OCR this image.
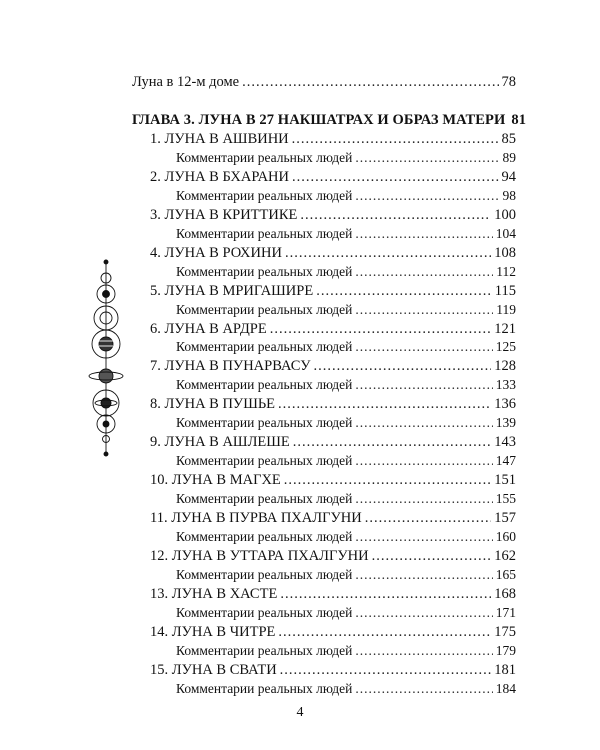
Луна в 12-м доме .....	78
ГЛАВА 3. ЛУНА В 27 НАКШАТРАХ И ОБРАЗ МАТЕРИ 81
1. ЛУНА В АШВИНИ .....	85
Комментарии реальных людей .....	89
2. ЛУНА В БХАРАНИ .....	94
Комментарии реальных людей .....	98
3. ЛУНА В КРИТТИКЕ .....	100
Комментарии реальных людей .....	104
4. ЛУНА В РОХИНИ .....	108
Комментарии реальных людей .....	112
5. ЛУНА В МРИГАШИРЕ .....	115
Комментарии реальных людей .....	119
6. ЛУНА В АРДРЕ .....	121
Комментарии реальных людей .....	125
7. ЛУНА В ПУНАРВАСУ .....	128
Комментарии реальных людей .....	133
8. ЛУНА В ПУШЬЕ .....	136
Комментарии реальных людей .....	139
9. ЛУНА В АШЛЕШЕ .....	143
Комментарии реальных людей .....	147
10. ЛУНА В МАГХЕ .....	151
Комментарии реальных людей .....	155
11. ЛУНА В ПУРВА ПХАЛГУНИ .....	157
Комментарии реальных людей .....	160
12. ЛУНА В УТТАРА ПХАЛГУНИ .....	162
Комментарии реальных людей .....	165
13. ЛУНА В ХАСТЕ .....	168
Комментарии реальных людей .....	171
14. ЛУНА В ЧИТРЕ .....	175
Комментарии реальных людей .....	179
15. ЛУНА В СВАТИ .....	181
Комментарии реальных людей .....	184
4
